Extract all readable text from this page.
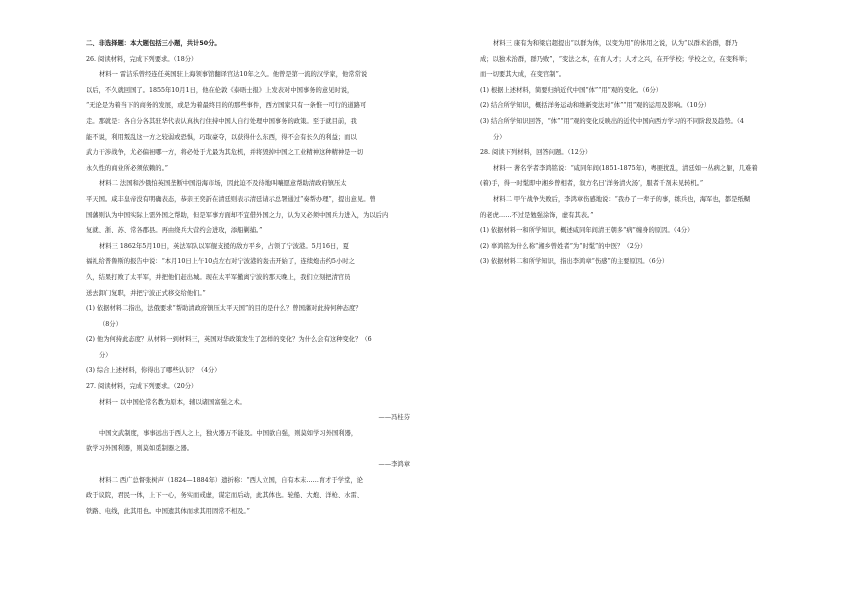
二、非选择题：本大题包括三小题，共计50分。
26. 阅读材料，完成下列要求。（18分）
材料一 雷洁乐曾经连任英国驻上海领事馆翻译官达10年之久。他曾是第一流的汉学家，他常常说
以后，不久就回国了。1855年10月1日，他在伦敦《泰晤士报》上发表对中国事务的意见时说，
“无论是为着当下的商务的发展，或是为着最终目的的那些事件，西方国家只有一条惟一可行的道路可
走。那就是：各自分各其驻华代表认真执行住持中国人自行处理中国事务的政策。至于就目前，我
能不说，利用叛乱这一方之较弱或恐惧，巧取豪夺，以获得什么东西，得不会有长久的利益；而以
武力干涉战争，尤必偏袒哪一方，将必处于尤最为其危机，并将毁掉中国之工业精神这种精神是一切
永久性的商业所必须依赖的。”
材料二 法国和沙俄怕英国垄断中国沿海市场，因此迫不及待地叫嚷愿意帮助清政府镇压太
平天国。咸丰皇帝没有明确表态，恭亲王奕訢在清廷则表示清廷请示总署通过“奏帮办理”，提出意见。曾
国藩则认为中国实际上需外国之帮助，但是军事方面却不宜借外国之力，认为又必须中国兵力进入，为以后内
复就、浙、苏、常各郡县。再由绕兵大营约会进攻，添船剿捕。”
材料三 1862年5月10日，英法军队以军舰支援的敌方平乡，占领了宁波港。5月16日，夏
福礼给普鲁斯的报告中说：“本月10日上午10点左右对宁波港的轰击开始了，连续炮击约5小时之
久，结果打败了太平军，并把他们赶出城。现在太平军撤离宁波的那天晚上，我们立刻把清官员
送去卸门复职，并把宁波正式移交给他们。”
(1) 依据材料二指出，法俄要求“帮助清政府镇压太平天国”的目的是什么？曾国藩对此持何种态度？
（8分）
(2) 他为何持此态度？从材料一到材料三，英国对华政策发生了怎样的变化？为什么会有这种变化？（6
分）
(3) 综合上述材料，你得出了哪些认识？（4分）
27. 阅读材料，完成下列要求。（20分）
材料一 以中国伦常名教为原本，辅以诸国富强之术。
——冯桂芬
中国文武制度，事事远出于西人之上，独火器万不能及。中国欲自强，则莫如学习外国利器，
欲学习外国利器，则莫如觅制器之器。
——李鸿章
材料二 西广总督张树声（1824—1884年）遗折称：“西人立国，自有本末……育才于学堂，论
政于议院，君民一体，上下一心，务实而戒虚，谋定而后动，此其体也。轮船、大炮、洋枪、水雷、
铁路、电线，此其用也。中国遗其体而求其用固常不相及。”
材料三 康有为和梁启超提出“以群为体，以变为用”的体用之说，认为“以群术治群，群乃
成；以独术治群，群乃败”，“变法之本，在育人才；人才之兴，在开学校；学校之立，在变科举；
而一切要其大成，在变官制”。
(1) 根据上述材料，简要归纳近代中国“体”“用”观的变化。（6分）
(2) 结合所学知识，概括洋务运动和维新变法对“体”“用”观的运用及影响。（10分）
(3) 结合所学知识回答，“体”“用”观的变化反映出的近代中国向西方学习的不同阶段及趋势。（4
分）
28. 阅读下列材料，回答问题。（12分）
材料一 著名学者李鸿铭说：“咸同年间(1851-1875年)，粤匪扰乱，清廷如一丛病之躯，几难着
(着)手，得一时髦即中湘乡曾相者，叙方名曰‘洋务清火汤’，服者千剂未见转机。”
材料二 甲午战争失败后，李鸿章伤感地说：“我办了一辈子的事，练兵也，海军也，都是纸糊
的老虎……不过是勉强涂饰，虚有其表。”
(1) 依据材料一和所学知识，概述咸同年间清王朝多“病”缠身的原因。（4分）
(2) 辜鸿铭为什么称“湘乡曾姓者”为“时髦”的中医？（2分）
(3) 依据材料二和所学知识，指出李鸿章“伤感”的主要原因。（6分）
